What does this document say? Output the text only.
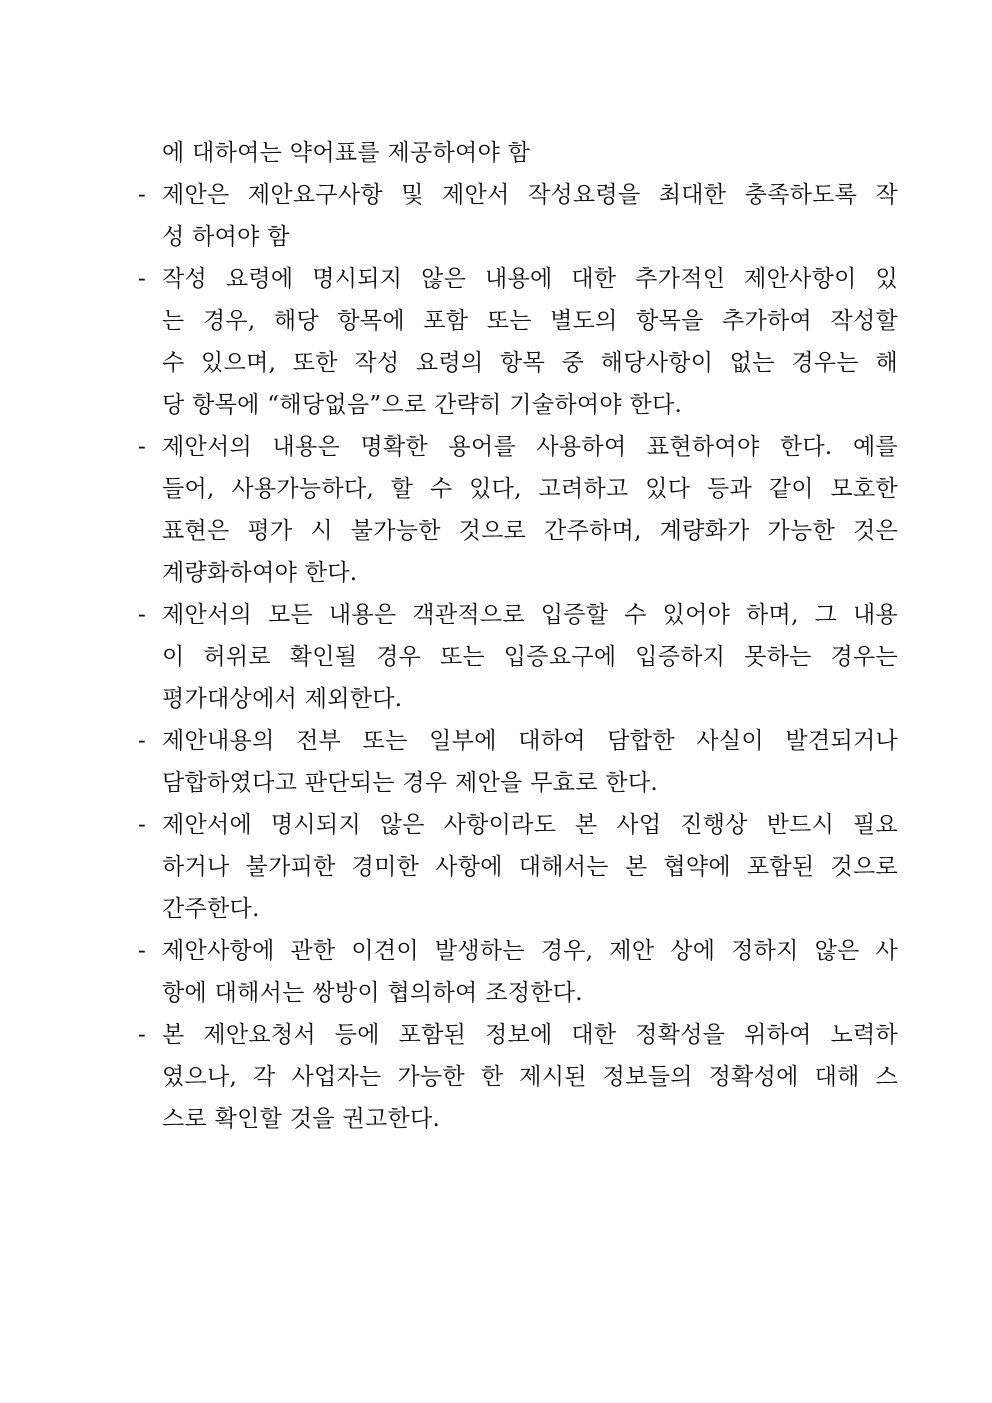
에 대하여는 약어표를 제공하여야 함
- 제안은 제안요구사항 및 제안서 작성요령을 최대한 충족하도록 작
성 하여야 함
- 작성 요령에 명시되지 않은 내용에 대한 추가적인 제안사항이 있
는 경우, 해당 항목에 포함 또는 별도의 항목을 추가하여 작성할
수 있으며, 또한 작성 요령의 항목 중 해당사항이 없는 경우는 해
당 항목에 “해당없음”으로 간략히 기술하여야 한다.
- 제안서의 내용은 명확한 용어를 사용하여 표현하여야 한다. 예를
들어, 사용가능하다, 할 수 있다, 고려하고 있다 등과 같이 모호한
표현은 평가 시 불가능한 것으로 간주하며, 계량화가 가능한 것은
계량화하여야 한다.
- 제안서의 모든 내용은 객관적으로 입증할 수 있어야 하며, 그 내용
이 허위로 확인될 경우 또는 입증요구에 입증하지 못하는 경우는
평가대상에서 제외한다.
- 제안내용의 전부 또는 일부에 대하여 담합한 사실이 발견되거나
담합하였다고 판단되는 경우 제안을 무효로 한다.
- 제안서에 명시되지 않은 사항이라도 본 사업 진행상 반드시 필요
하거나 불가피한 경미한 사항에 대해서는 본 협약에 포함된 것으로
간주한다.
- 제안사항에 관한 이견이 발생하는 경우, 제안 상에 정하지 않은 사
항에 대해서는 쌍방이 협의하여 조정한다.
- 본 제안요청서 등에 포함된 정보에 대한 정확성을 위하여 노력하
였으나, 각 사업자는 가능한 한 제시된 정보들의 정확성에 대해 스
스로 확인할 것을 권고한다.
